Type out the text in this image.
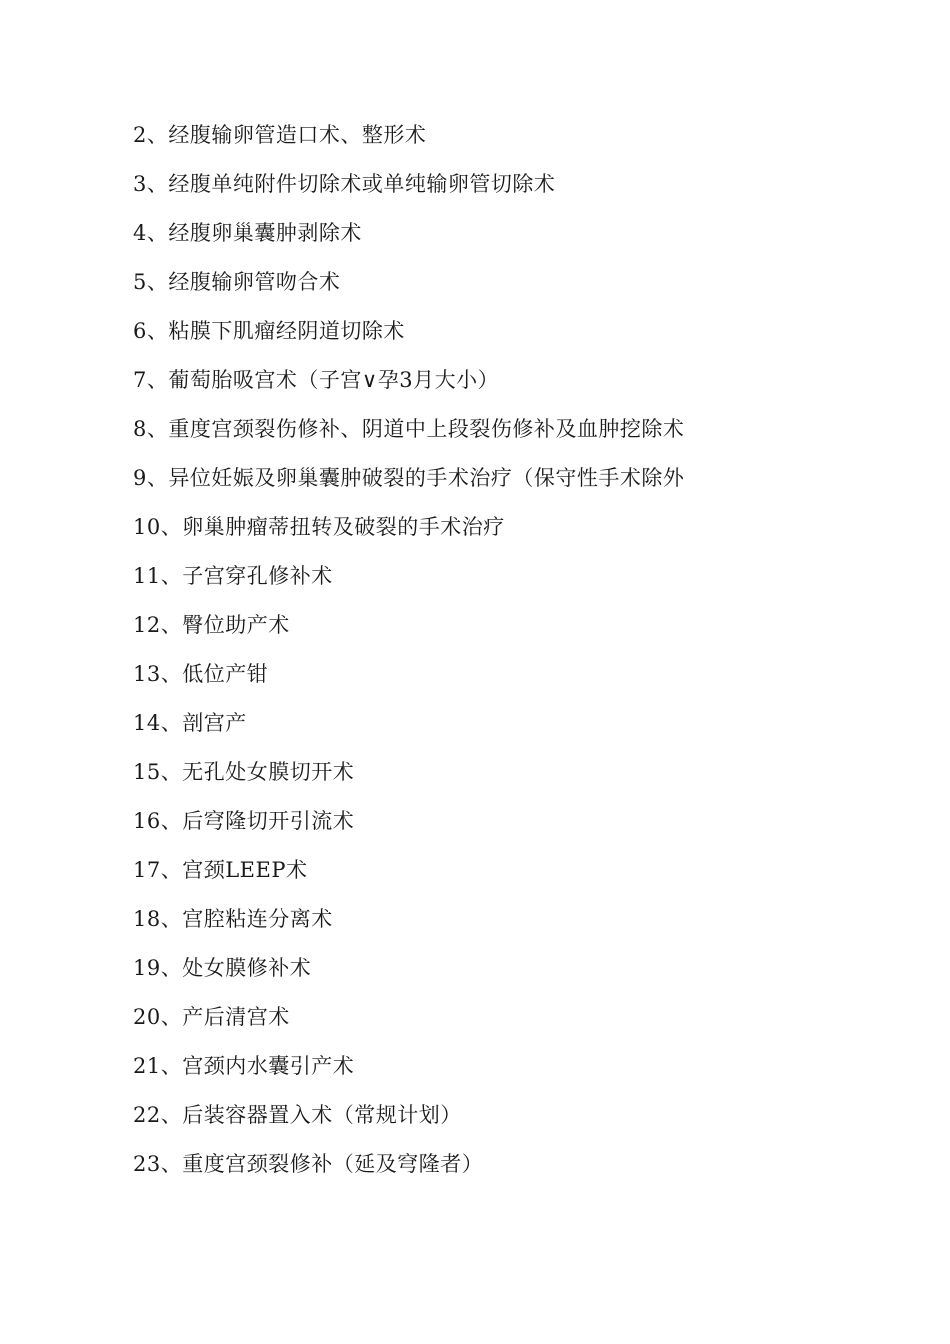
2、经腹输卵管造口术、整形术
3、经腹单纯附件切除术或单纯输卵管切除术
4、经腹卵巢囊肿剥除术
5、经腹输卵管吻合术
6、粘膜下肌瘤经阴道切除术
7、葡萄胎吸宫术（子宫∨孕3月大小）
8、重度宫颈裂伤修补、阴道中上段裂伤修补及血肿挖除术
9、异位妊娠及卵巢囊肿破裂的手术治疗（保守性手术除外
10、卵巢肿瘤蒂扭转及破裂的手术治疗
11、子宫穿孔修补术
12、臀位助产术
13、低位产钳
14、剖宫产
15、无孔处女膜切开术
16、后穹隆切开引流术
17、宫颈LEEP术
18、宫腔粘连分离术
19、处女膜修补术
20、产后清宫术
21、宫颈内水囊引产术
22、后装容器置入术（常规计划）
23、重度宫颈裂修补（延及穹隆者）
